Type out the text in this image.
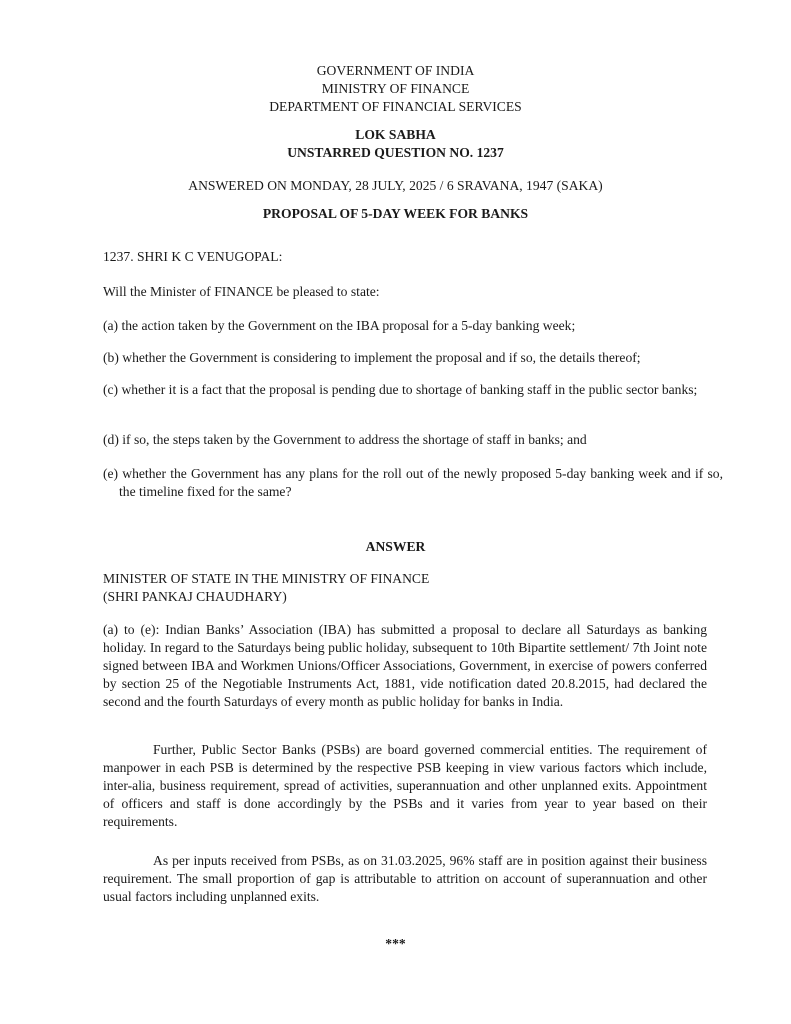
GOVERNMENT OF INDIA
MINISTRY OF FINANCE
DEPARTMENT OF FINANCIAL SERVICES
LOK SABHA
UNSTARRED QUESTION NO. 1237
ANSWERED ON MONDAY, 28 JULY, 2025 / 6 SRAVANA, 1947 (SAKA)
PROPOSAL OF 5-DAY WEEK FOR BANKS
1237. SHRI K C VENUGOPAL:
Will the Minister of FINANCE be pleased to state:
(a) the action taken by the Government on the IBA proposal for a 5-day banking week;
(b) whether the Government is considering to implement the proposal and if so, the details thereof;
(c) whether it is a fact that the proposal is pending due to shortage of banking staff in the public sector banks;
(d) if so, the steps taken by the Government to address the shortage of staff in banks; and
(e) whether the Government has any plans for the roll out of the newly proposed 5-day banking week and if so, the timeline fixed for the same?
ANSWER
MINISTER OF STATE IN THE MINISTRY OF FINANCE
(SHRI PANKAJ CHAUDHARY)
(a) to (e): Indian Banks’ Association (IBA) has submitted a proposal to declare all Saturdays as banking holiday. In regard to the Saturdays being public holiday, subsequent to 10th Bipartite settlement/ 7th Joint note signed between IBA and Workmen Unions/Officer Associations, Government, in exercise of powers conferred by section 25 of the Negotiable Instruments Act, 1881, vide notification dated 20.8.2015, had declared the second and the fourth Saturdays of every month as public holiday for banks in India.
Further, Public Sector Banks (PSBs) are board governed commercial entities. The requirement of manpower in each PSB is determined by the respective PSB keeping in view various factors which include, inter-alia, business requirement, spread of activities, superannuation and other unplanned exits. Appointment of officers and staff is done accordingly by the PSBs and it varies from year to year based on their requirements.
As per inputs received from PSBs, as on 31.03.2025, 96% staff are in position against their business requirement. The small proportion of gap is attributable to attrition on account of superannuation and other usual factors including unplanned exits.
***
